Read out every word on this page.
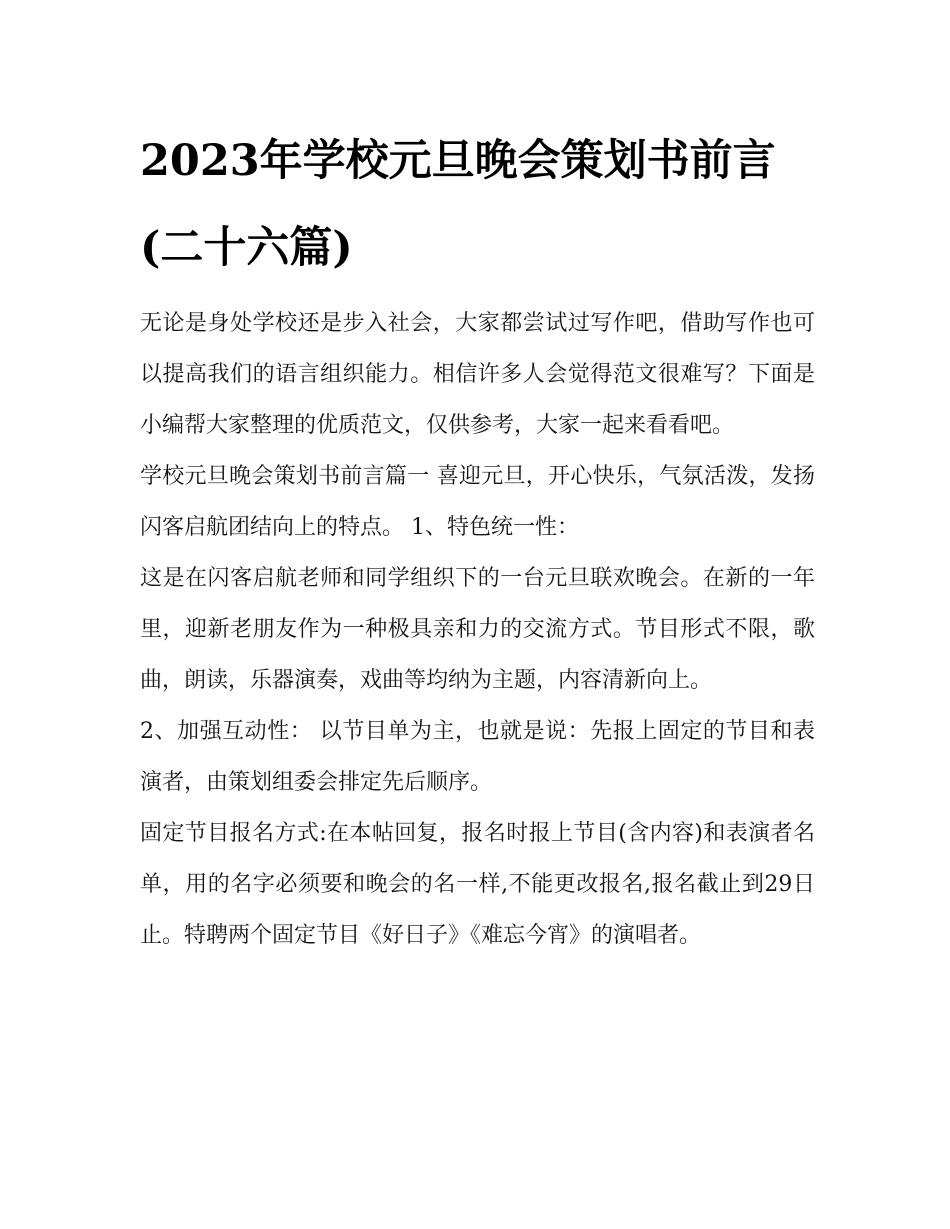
2023年学校元旦晚会策划书前言(二十六篇)

无论是身处学校还是步入社会，大家都尝试过写作吧，借助写作也可以提高我们的语言组织能力。相信许多人会觉得范文很难写？下面是小编帮大家整理的优质范文，仅供参考，大家一起来看看吧。

学校元旦晚会策划书前言篇一 喜迎元旦，开心快乐，气氛活泼，发扬闪客启航团结向上的特点。 1、特色统一性：

这是在闪客启航老师和同学组织下的一台元旦联欢晚会。在新的一年里，迎新老朋友作为一种极具亲和力的交流方式。节目形式不限，歌曲，朗读，乐器演奏，戏曲等均纳为主题，内容清新向上。

2、加强互动性： 以节目单为主，也就是说：先报上固定的节目和表演者，由策划组委会排定先后顺序。

固定节目报名方式:在本帖回复，报名时报上节目(含内容)和表演者名单，用的名字必须要和晚会的名一样,不能更改报名,报名截止到29日止。特聘两个固定节目《好日子》《难忘今宵》的演唱者。
